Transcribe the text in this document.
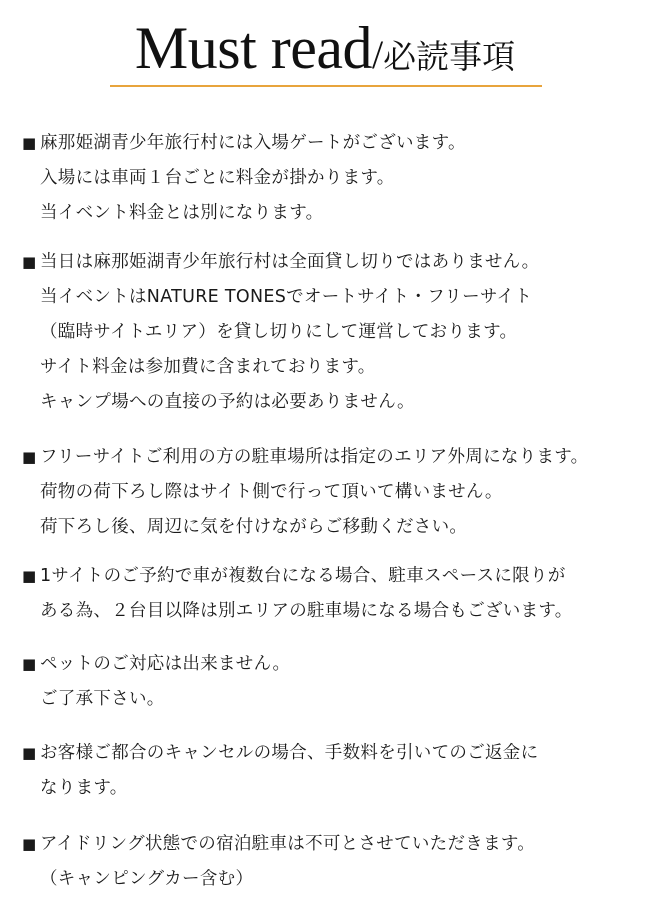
Must read/必読事項
■ 麻那姫湖青少年旅行村には入場ゲートがございます。
入場には車両１台ごとに料金が掛かります。
当イベント料金とは別になります。
■ 当日は麻那姫湖青少年旅行村は全面貸し切りではありません。
当イベントはNATURE TONESでオートサイト・フリーサイト
（臨時サイトエリア）を貸し切りにして運営しております。
サイト料金は参加費に含まれております。
キャンプ場への直接の予約は必要ありません。
■ フリーサイトご利用の方の駐車場所は指定のエリア外周になります。
荷物の荷下ろし際はサイト側で行って頂いて構いません。
荷下ろし後、周辺に気を付けながらご移動ください。
■ 1サイトのご予約で車が複数台になる場合、駐車スペースに限りが
ある為、２台目以降は別エリアの駐車場になる場合もございます。
■ ペットのご対応は出来ません。
ご了承下さい。
■ お客様ご都合のキャンセルの場合、手数料を引いてのご返金に
なります。
■ アイドリング状態での宿泊駐車は不可とさせていただきます。
（キャンピングカー含む）
